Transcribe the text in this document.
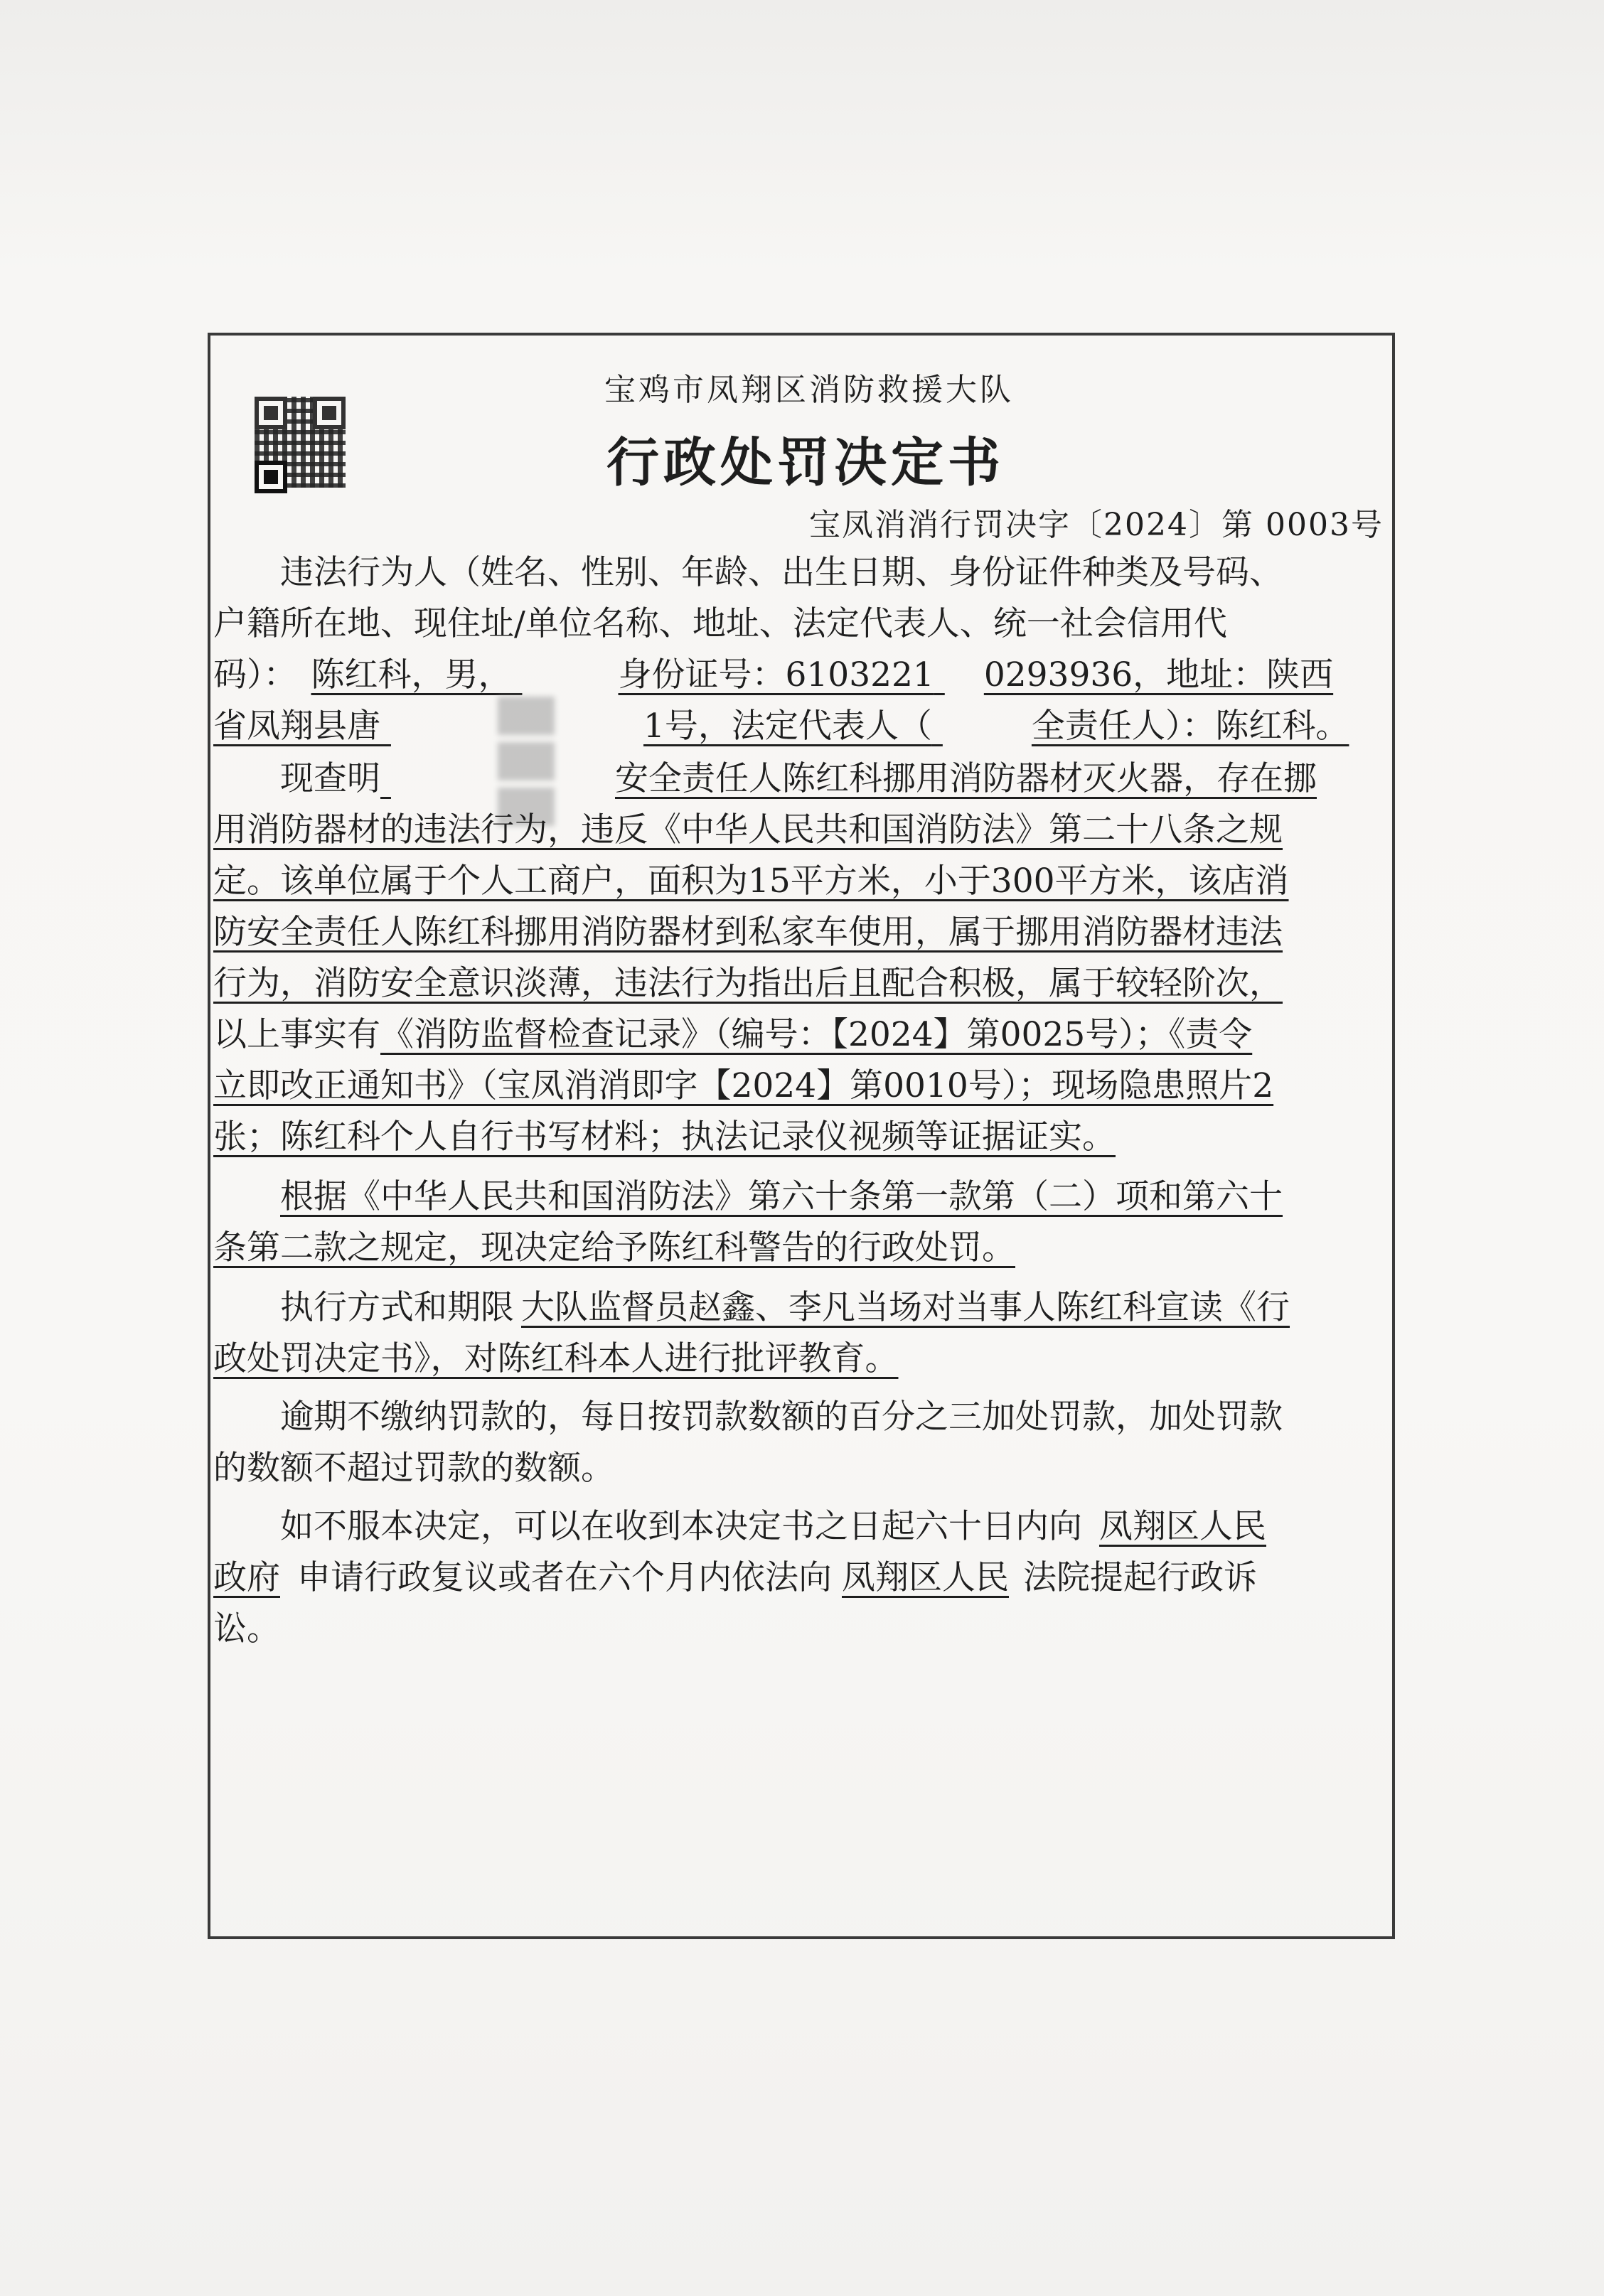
宝鸡市凤翔区消防救援大队
行政处罚决定书
宝凤消消行罚决字〔2024〕第 0003号
违法行为人（姓名、性别、年龄、出生日期、身份证件种类及号码、
户籍所在地、现住址/单位名称、地址、法定代表人、统一社会信用代
码）： 陈红科，男，	身份证号：6103221 0293936，地址：陕西
省凤翔县唐	1号，法定代表人（	全责任人）：陈红科。
现查明	安全责任人陈红科挪用消防器材灭火器，存在挪
用消防器材的违法行为，违反《中华人民共和国消防法》第二十八条之规
定。该单位属于个人工商户，面积为15平方米，小于300平方米，该店消
防安全责任人陈红科挪用消防器材到私家车使用，属于挪用消防器材违法
行为，消防安全意识淡薄，违法行为指出后且配合积极，属于较轻阶次，
以上事实有《消防监督检查记录》（编号：【2024】第0025号）；《责令
立即改正通知书》（宝凤消消即字【2024】第0010号）；现场隐患照片2
张；陈红科个人自行书写材料；执法记录仪视频等证据证实。
根据《中华人民共和国消防法》第六十条第一款第（二）项和第六十
条第二款之规定，现决定给予陈红科警告的行政处罚。
执行方式和期限 大队监督员赵鑫、李凡当场对当事人陈红科宣读《行
政处罚决定书》，对陈红科本人进行批评教育。
逾期不缴纳罚款的，每日按罚款数额的百分之三加处罚款，加处罚款
的数额不超过罚款的数额。
如不服本决定，可以在收到本决定书之日起六十日内向 凤翔区人民
政府 申请行政复议或者在六个月内依法向 凤翔区人民 法院提起行政诉
讼。
